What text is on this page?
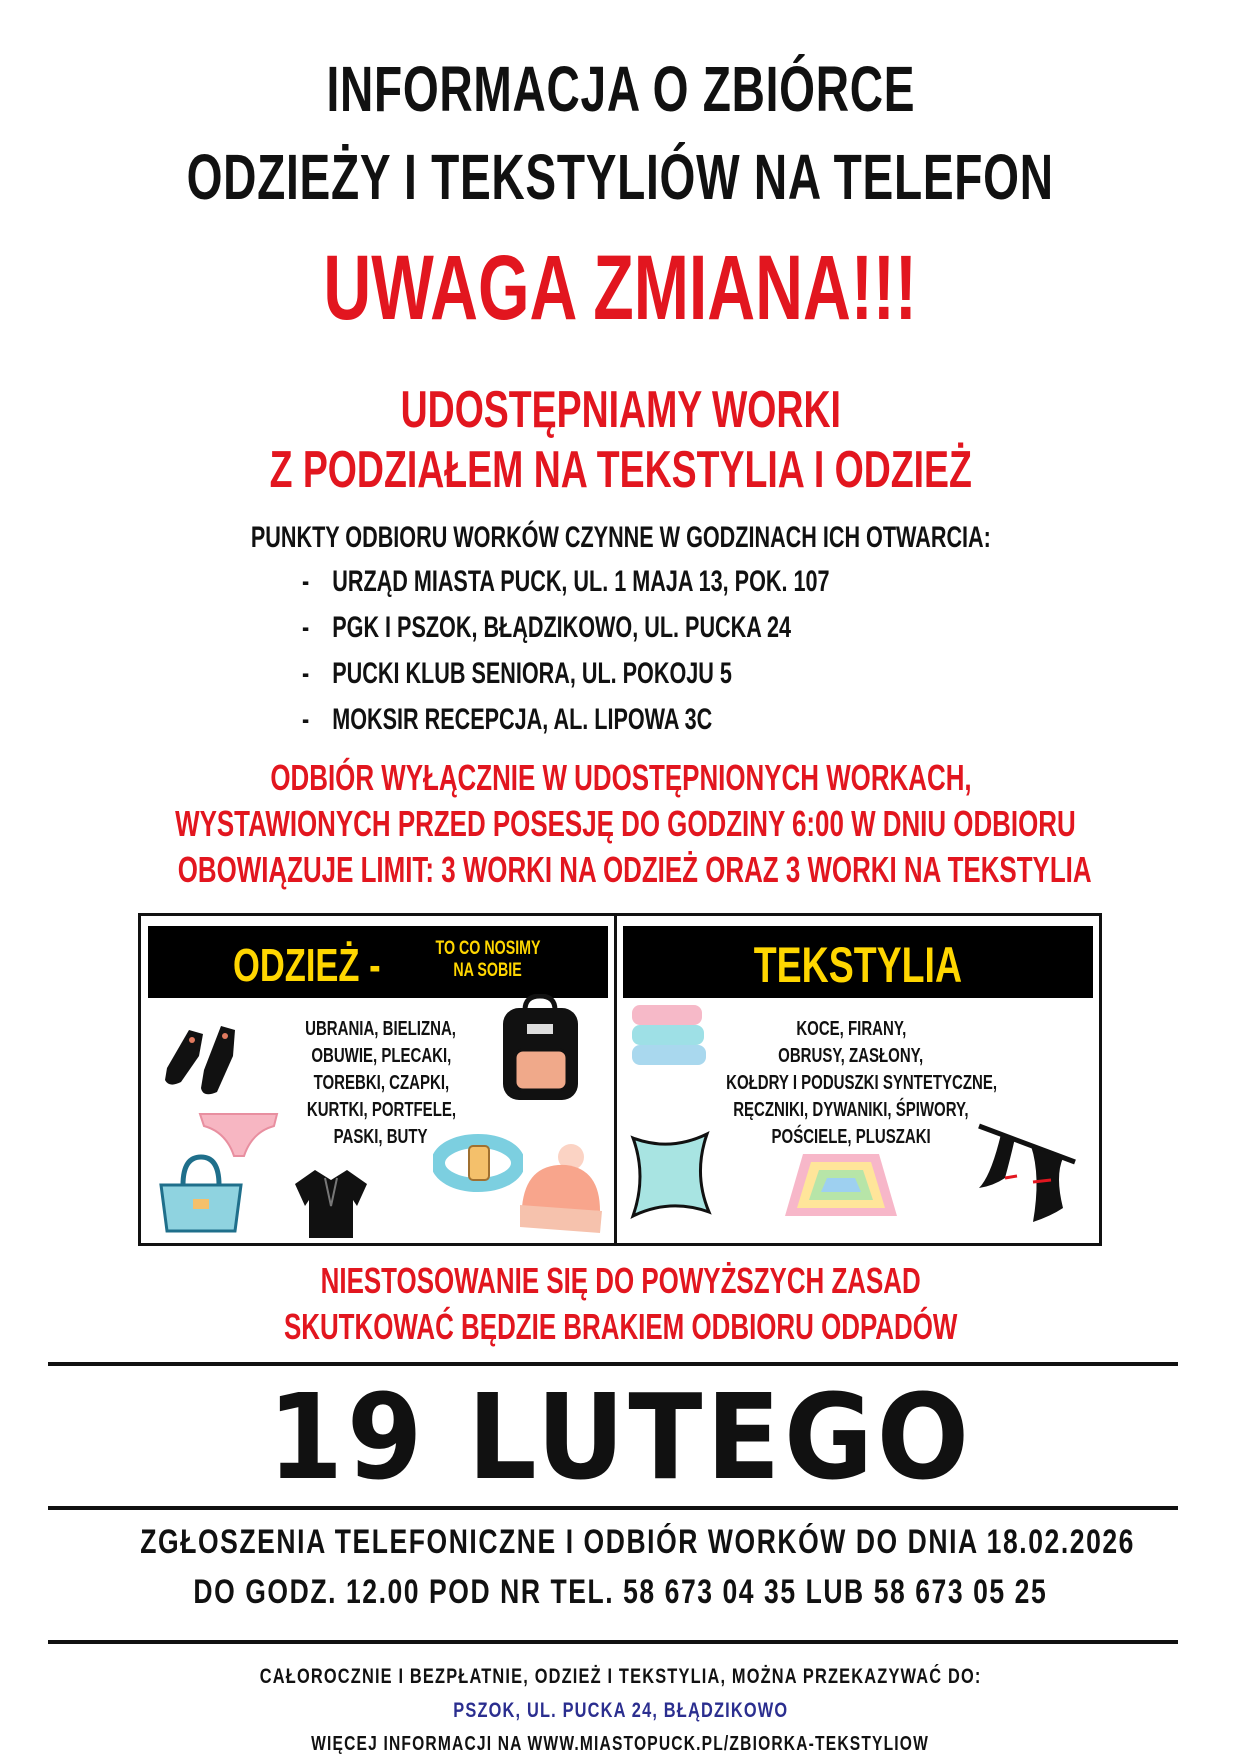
INFORMACJA O ZBIÓRCE
ODZIEŻY I TEKSTYLIÓW NA TELEFON
UWAGA ZMIANA!!!
UDOSTĘPNIAMY WORKI
Z PODZIAŁEM NA TEKSTYLIA I ODZIEŻ
PUNKTY ODBIORU WORKÓW CZYNNE W GODZINACH ICH OTWARCIA:
- URZĄD MIASTA PUCK, UL. 1 MAJA 13, POK. 107
- PGK I PSZOK, BŁĄDZIKOWO, UL. PUCKA 24
- PUCKI KLUB SENIORA, UL. POKOJU 5
- MOKSIR RECEPCJA, AL. LIPOWA 3C
ODBIÓR WYŁĄCZNIE W UDOSTĘPNIONYCH WORKACH,
WYSTAWIONYCH PRZED POSESJĘ DO GODZINY 6:00 W DNIU ODBIORU
OBOWIĄZUJE LIMIT: 3 WORKI NA ODZIEŻ ORAZ 3 WORKI NA TEKSTYLIA
ODZIEŻ -	TO CO NOSIMY
NA SOBIE	TEKSTYLIA
UBRANIA, BIELIZNA,
OBUWIE, PLECAKI,
TOREBKI, CZAPKI,
KURTKI, PORTFELE,
PASKI, BUTY
KOCE, FIRANY,
OBRUSY, ZASŁONY,
KOŁDRY I PODUSZKI SYNTETYCZNE,
RĘCZNIKI, DYWANIKI, ŚPIWORY,
POŚCIELE, PLUSZAKI
NIESTOSOWANIE SIĘ DO POWYŻSZYCH ZASAD
SKUTKOWAĆ BĘDZIE BRAKIEM ODBIORU ODPADÓW
19 LUTEGO
ZGŁOSZENIA TELEFONICZNE I ODBIÓR WORKÓW DO DNIA 18.02.2026
DO GODZ. 12.00 POD NR TEL. 58 673 04 35 LUB 58 673 05 25
CAŁOROCZNIE I BEZPŁATNIE, ODZIEŻ I TEKSTYLIA, MOŻNA PRZEKAZYWAĆ DO:
PSZOK, UL. PUCKA 24, BŁĄDZIKOWO
WIĘCEJ INFORMACJI NA WWW.MIASTOPUCK.PL/ZBIORKA-TEKSTYLIOW
